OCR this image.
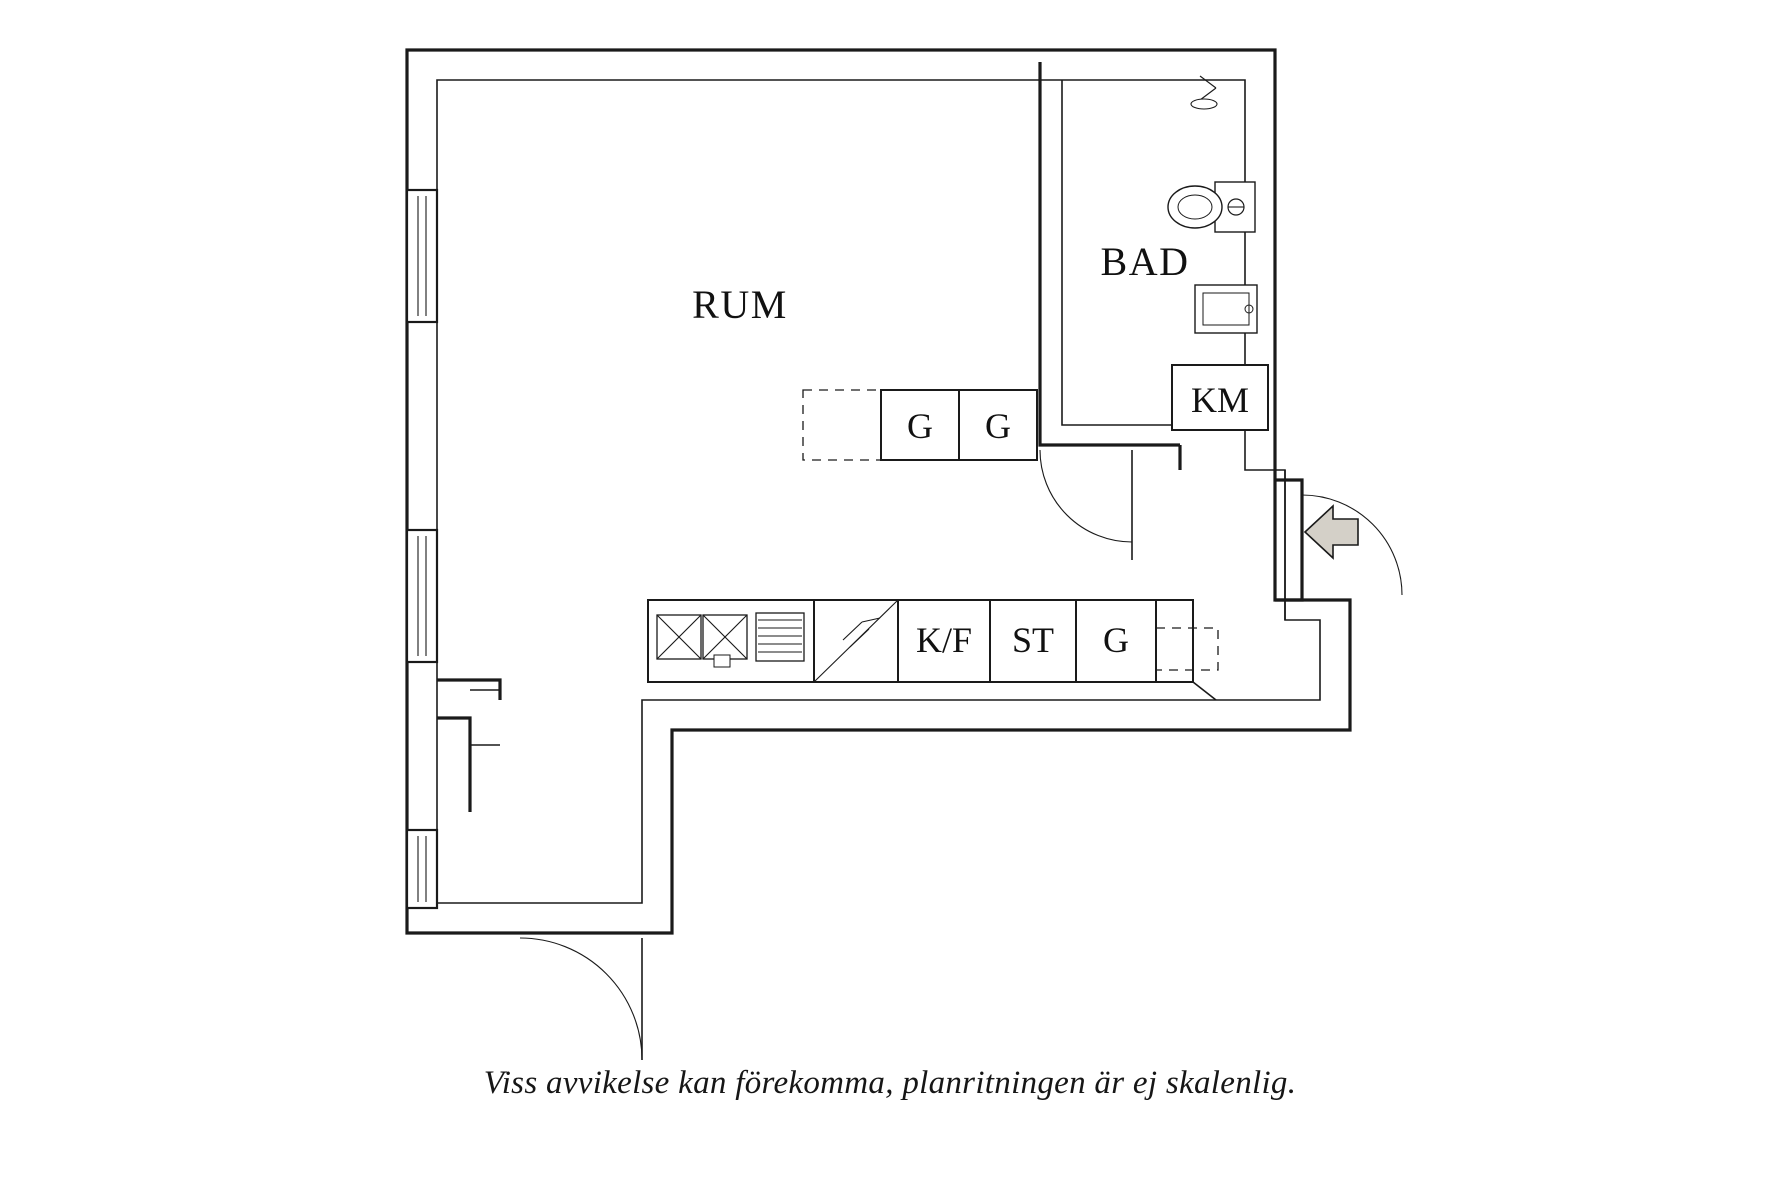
KM
G G
K/F ST G
RUM
BAD
Viss avvikelse kan förekomma, planritningen är ej skalenlig.
